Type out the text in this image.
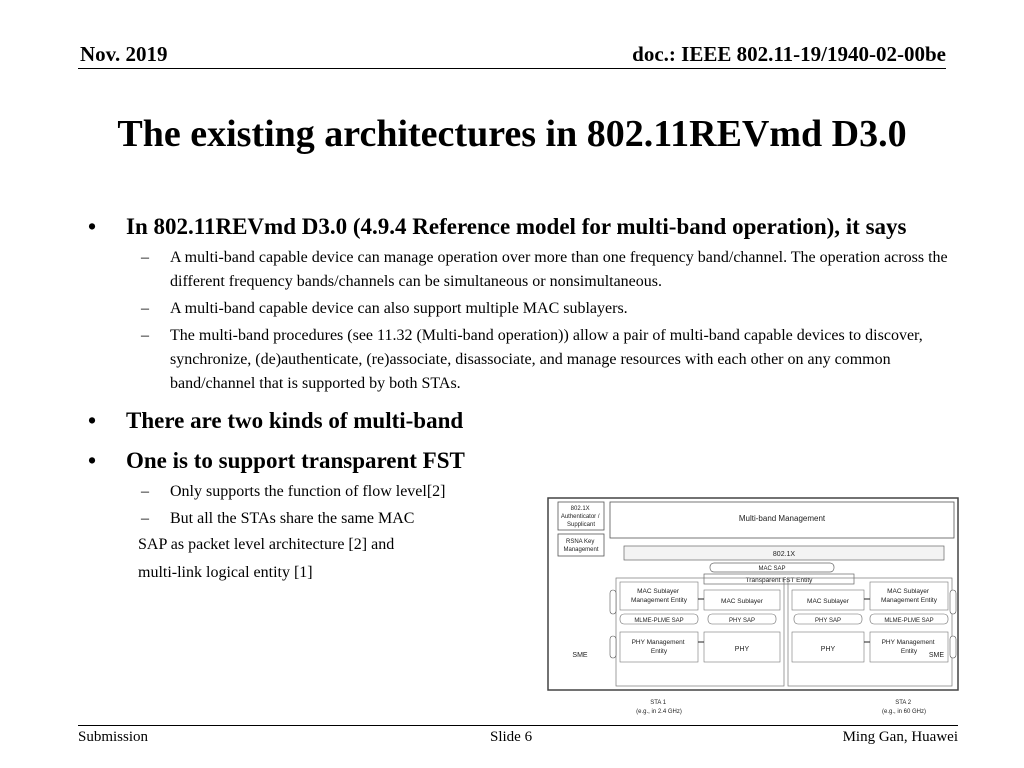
Nov. 2019	doc.: IEEE 802.11-19/1940-02-00be
The existing architectures in 802.11REVmd D3.0
• In 802.11REVmd D3.0 (4.9.4 Reference model for multi-band operation), it says
– A multi-band capable device can manage operation over more than one frequency band/channel. The operation across the different frequency bands/channels can be simultaneous or nonsimultaneous.
– A multi-band capable device can also support multiple MAC sublayers.
– The multi-band procedures (see 11.32 (Multi-band operation)) allow a pair of multi-band capable devices to discover, synchronize, (de)authenticate, (re)associate, disassociate, and manage resources with each other on any common band/channel that is supported by both STAs.
• There are two kinds of multi-band
• One is to support transparent FST
– Only supports the function of flow level[2]
– But all the STAs share the same MAC
SAP as packet level architecture [2] and
multi-link logical entity [1]
802.1X Authenticator / Supplicant
RSNA Key Management
Multi-band Management
802.1X
MAC SAP
Transparent FST Entity
MAC Sublayer Management Entity	MAC Sublayer
MLME-PLME SAP	PHY SAP
PHY Management Entity	PHY
MAC Sublayer
MAC Sublayer Management Entity
PHY SAP	MLME-PLME SAP
PHY
PHY Management Entity
SME	SME
STA 1 (e.g., in 2.4 GHz)
STA 2 (e.g., in 60 GHz)
Submission	Slide 6	Ming Gan, Huawei
